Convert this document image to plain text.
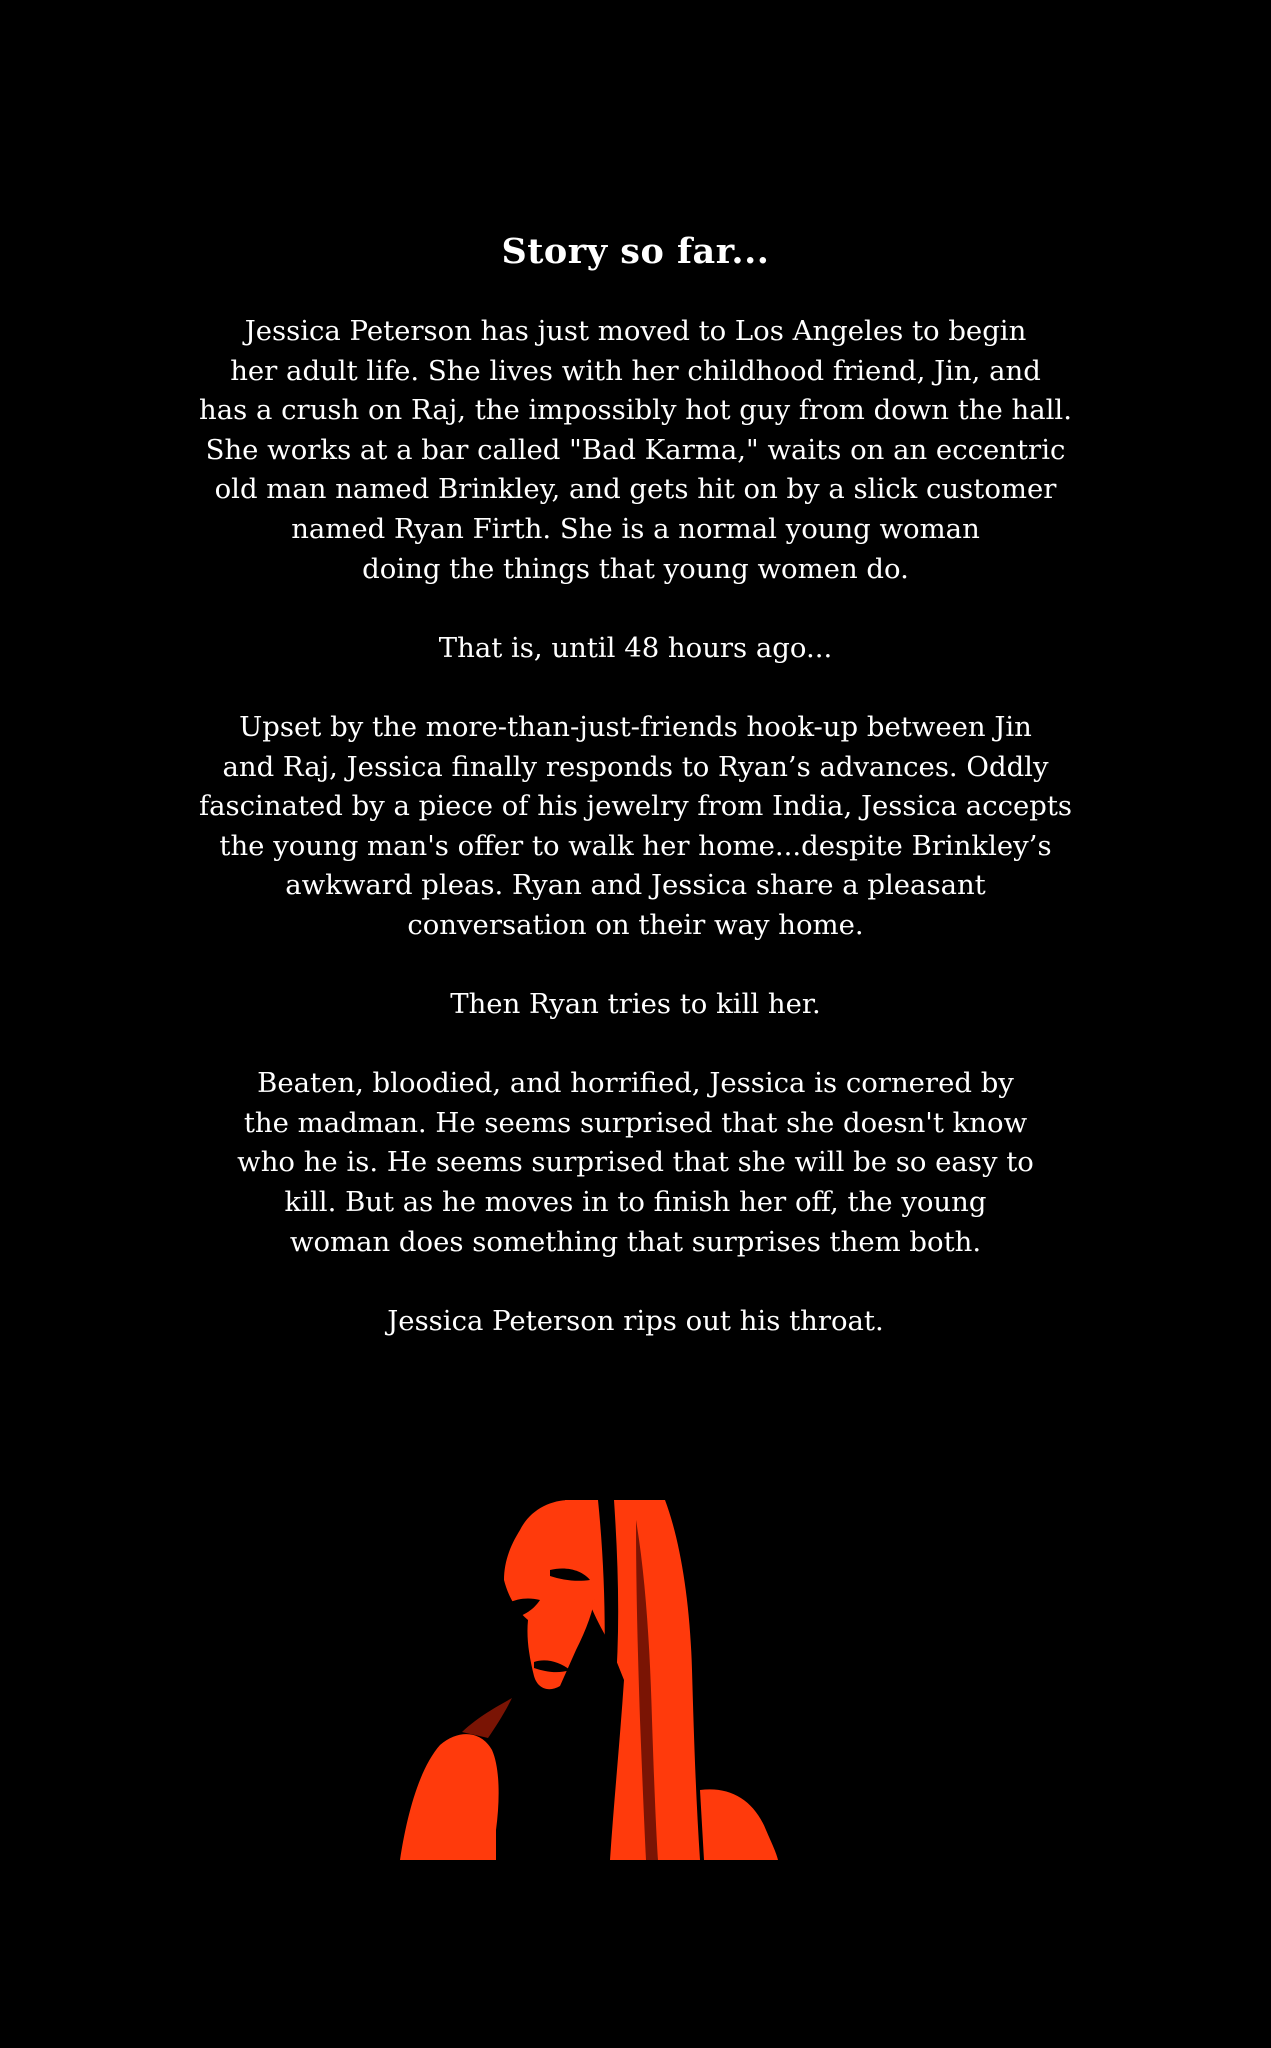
Story so far...

Jessica Peterson has just moved to Los Angeles to begin
her adult life. She lives with her childhood friend, Jin, and
has a crush on Raj, the impossibly hot guy from down the hall.
She works at a bar called "Bad Karma," waits on an eccentric
old man named Brinkley, and gets hit on by a slick customer
named Ryan Firth. She is a normal young woman
doing the things that young women do.

That is, until 48 hours ago...

Upset by the more-than-just-friends hook-up between Jin
and Raj, Jessica finally responds to Ryan’s advances. Oddly
fascinated by a piece of his jewelry from India, Jessica accepts
the young man's offer to walk her home...despite Brinkley’s
awkward pleas. Ryan and Jessica share a pleasant
conversation on their way home.

Then Ryan tries to kill her.

Beaten, bloodied, and horrified, Jessica is cornered by
the madman. He seems surprised that she doesn't know
who he is. He seems surprised that she will be so easy to
kill. But as he moves in to finish her off, the young
woman does something that surprises them both.

Jessica Peterson rips out his throat.
